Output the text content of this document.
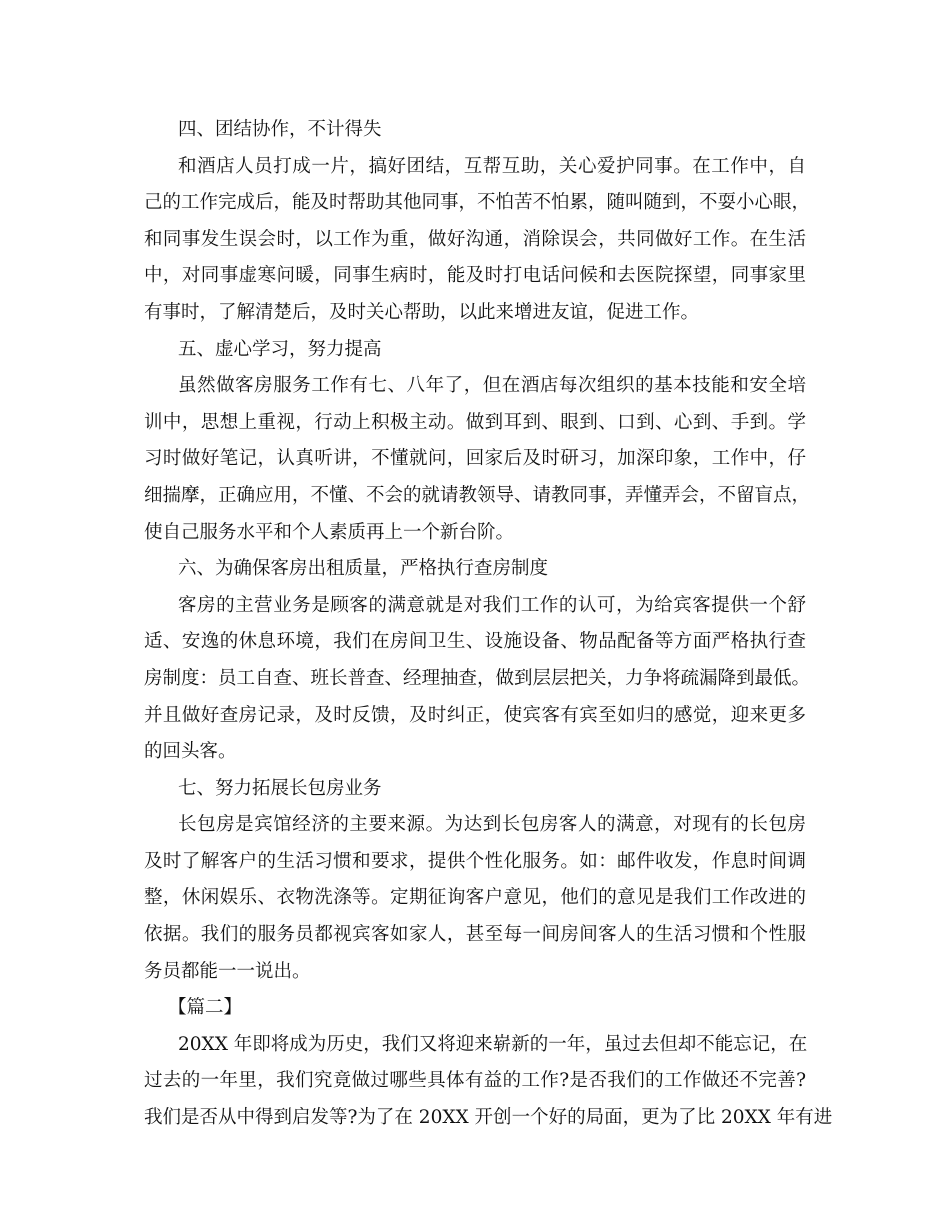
四、团结协作，不计得失
和酒店人员打成一片，搞好团结，互帮互助，关心爱护同事。在工作中，自
己的工作完成后，能及时帮助其他同事，不怕苦不怕累，随叫随到，不耍小心眼，
和同事发生误会时，以工作为重，做好沟通，消除误会，共同做好工作。在生活
中，对同事虚寒问暖，同事生病时，能及时打电话问候和去医院探望，同事家里
有事时，了解清楚后，及时关心帮助，以此来增进友谊，促进工作。
五、虚心学习，努力提高
虽然做客房服务工作有七、八年了，但在酒店每次组织的基本技能和安全培
训中，思想上重视，行动上积极主动。做到耳到、眼到、口到、心到、手到。学
习时做好笔记，认真听讲，不懂就问，回家后及时研习，加深印象，工作中，仔
细揣摩，正确应用，不懂、不会的就请教领导、请教同事，弄懂弄会，不留盲点，
使自己服务水平和个人素质再上一个新台阶。
六、为确保客房出租质量，严格执行查房制度
客房的主营业务是顾客的满意就是对我们工作的认可，为给宾客提供一个舒
适、安逸的休息环境，我们在房间卫生、设施设备、物品配备等方面严格执行查
房制度：员工自查、班长普查、经理抽查，做到层层把关，力争将疏漏降到最低。
并且做好查房记录，及时反馈，及时纠正，使宾客有宾至如归的感觉，迎来更多
的回头客。
七、努力拓展长包房业务
长包房是宾馆经济的主要来源。为达到长包房客人的满意，对现有的长包房
及时了解客户的生活习惯和要求，提供个性化服务。如：邮件收发，作息时间调
整，休闲娱乐、衣物洗涤等。定期征询客户意见，他们的意见是我们工作改进的
依据。我们的服务员都视宾客如家人，甚至每一间房间客人的生活习惯和个性服
务员都能一一说出。
【篇二】
20XX 年即将成为历史，我们又将迎来崭新的一年，虽过去但却不能忘记，在
过去的一年里，我们究竟做过哪些具体有益的工作?是否我们的工作做还不完善?
我们是否从中得到启发等?为了在 20XX 开创一个好的局面，更为了比 20XX 年有进
